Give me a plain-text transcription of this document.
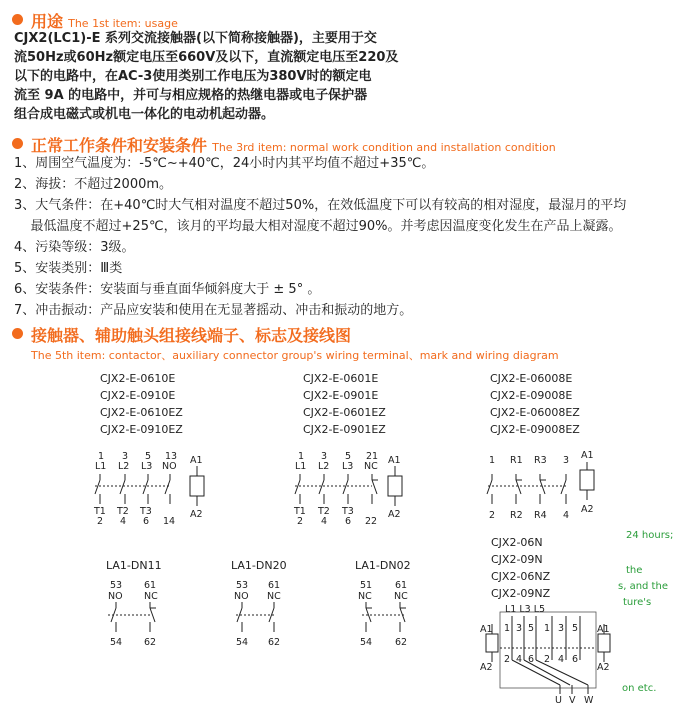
用途 The 1st item: usage
CJX2(LC1)-E 系列交流接触器(以下简称接触器)，主要用于交
流50Hz或60Hz额定电压至660V及以下，直流额定电压至220及
以下的电路中，在AC-3使用类别工作电压为380V时的额定电
流至 9A 的电路中，并可与相应规格的热继电器或电子保护器
组合成电磁式或机电一体化的电动机起动器。
正常工作条件和安装条件 The 3rd item: normal work condition and installation condition
1、周围空气温度为：-5℃~+40℃，24小时内其平均值不超过+35℃。
2、海拔：不超过2000m。
3、大气条件：在+40℃时大气相对温度不超过50%，在效低温度下可以有较高的相对湿度，最湿月的平均
最低温度不超过+25℃，该月的平均最大相对湿度不超过90%。并考虑因温度变化发生在产品上凝露。
4、污染等级：3级。
5、安装类别：Ⅲ类
6、安装条件：安装面与垂直面华倾斜度大于 ± 5° 。
7、冲击振动：产品应安装和使用在无显著摇动、冲击和振动的地方。
接触器、辅助触头组接线端子、标志及接线图
The 5th item: contactor、auxiliary connector group's wiring terminal、mark and wiring diagram
CJX2-E-0610E
CJX2-E-0910E
CJX2-E-0610EZ
CJX2-E-0910EZ
CJX2-E-0601E
CJX2-E-0901E
CJX2-E-0601EZ
CJX2-E-0901EZ
CJX2-E-06008E
CJX2-E-09008E
CJX2-E-06008EZ
CJX2-E-09008EZ
CJX2-06N
CJX2-09N
CJX2-06NZ
CJX2-09NZ
LA1-DN11	LA1-DN20	LA1-DN02
24 hours;
the
s, and the
ture's
on etc.
1 3 5 13
L1 L2 L3 NO
A1
T1 T2 T3
2 4 6 14
A2
1 3 5 21
L1 L2 L3 NC
A1
T1 T2 T3
2 4 6 22
A2
1 R1 R3 3 A1
2 R2 R4 4
A2
53 61
NO NC
54 62
53 61
NO NC
54 62
51 61
NC NC
54 62
L1 L3 L5
1 3 5 1 3 5
2 4 6 2 4 6
A1
A2
A1
A2
U V W
